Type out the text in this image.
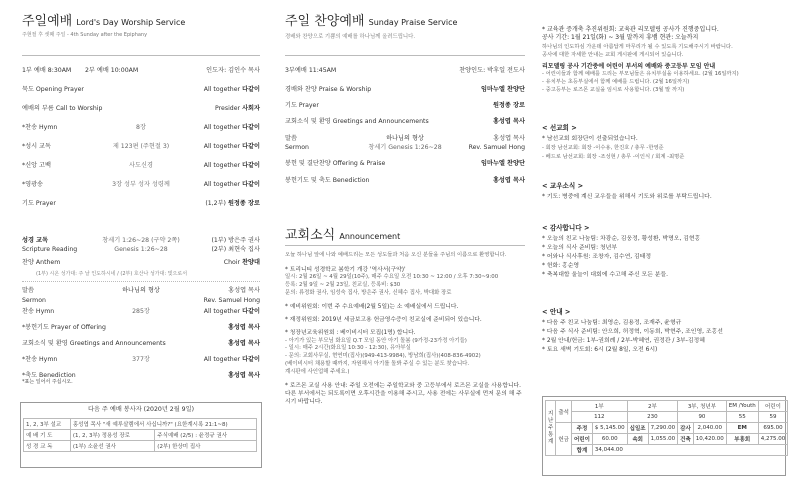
주일예배 Lord's Day Worship Service
주현절 후 셋째 주일 - 4th Sunday after the Epiphany
1부 예배 8:30AM 2부 예배 10:00AM	인도자: 김인수 목사
성경 교독	창세기 1:26~28 (구약 2쪽)	(1부) 방은주 권사
Scripture Reading	Genesis 1:26~28	(2부) 최현숙 집사
찬양 Anthem	Choir 찬양대
(1부) 시온 성가대: 주 날 인도하시네 / (2부) 호산나 성가대: 빛으로서
말씀	하나님의 형상	홍성엽 목사
Sermon	Rev. Samuel Hong
*표는 일어서 주십시오.
다음 주 예배 봉사자 (2020년 2월 9일)
1, 2, 3부 설교	홍성엽 목사 "새 예루살렘에서 사십니까?" (요한계시록 21:1~8)	
예 배 기 도	(1, 2, 3부) 정용성 장로	주식예배 (2/5) : 윤정규 권사
성 경 교 독	(1부) 소윤선 권사	(2부) 한상미 집사
묵도 Opening Prayer	All together 다같이
예배의 부름 Call to Worship	Presider 사회자
*찬송 Hymn	8장	All together 다같이
*성시 교독	제 123편 (주현절 3)	All together 다같이
*신앙 고백	사도신경	All together 다같이
*영광송	3장 성부 성자 성령께	All together 다같이
기도 Prayer	(1,2부) 원정종 장로
찬송 Hymn	285장	All together 다같이
*봉헌기도 Prayer of Offering	홍성엽 목사
교회소식 및 환영 Greetings and Announcements	홍성엽 목사
*찬송 Hymn	377장	All together 다같이
*축도 Benediction	홍성엽 목사
주일 찬양예배 Sunday Praise Service
경배와 찬양으로 기쁨의 예배를 하나님께 올려드립니다.
3부예배 11:45AM	찬양인도: 박후일 전도사
말씀	하나님의 형상	홍성엽 목사
Sermon	창세기 Genesis 1:26~28	Rev. Samuel Hong
교회소식 Announcement
오늘 하나님 앞에 나와 예배드리는 모든 성도들과 처음 오신 분들을 주님의 이름으로 환영합니다.
* 트리니티 성경학교 봄학기 개강 '역사서(구약)'
일시: 2월 26일 ~ 4월 29일(10주), 매주 수요일 오전 10:30 ~ 12:00 / 오후 7:30~9:00
등록: 2월 9일 ~ 2월 23일, 친교실, 등록비: $30
문의: 류정화 권사, 임성숙 집사, 방은주 권사, 신혜수 집사, 박대화 장로
* 예비위원회: 이번 주 수요예배(2월 5일)는 소 예배실에서 드립니다.
* 재정위원회: 2019년 세금보고용 헌금영수증이 친교실에 준비되어 있습니다.
* 청장년교육위원회 : 베이비시터 모집(1명) 합니다.
- 아기가 있는 부모님 화요일 Q.T 모임 동안 아기 돌봄 (9가정-23가정 아기들)
- 일시: 매주 2시간(화요일 10:30 - 12:30), 유아부실
- 문의: 교회사무실, 현연미(집사)(949-413-9984), 방남희(집사)(408-836-4902)
(베이비시터 채용할 때까지, 자원해서 아기를 돌봐 주실 수 있는 분도 찾습니다.
계시판에 사인업해 주세요.)
* 로즈몬 교실 사용 안내: 주일 오전에는 주일학교와 중 고등부에서 로즈몬 교실을 사용합니다. 다른 부서에서는 되도록이면 오후시간을 이용해 주시고, 사용 전에는 사무실에 먼저 문의 해 주시기 바랍니다.
경배와 찬양 Praise & Worship	임마누엘 찬양단
기도 Prayer	원정종 장로
교회소식 및 환영 Greetings and Announcements	홍성엽 목사
봉헌 및 결단찬양 Offering & Praise	임마누엘 찬양단
봉헌기도 및 축도 Benediction	홍성엽 목사
* 교육관 증개축 추진위원회: 교육관 리모델링 공사가 진행중입니다.
공사 기간: 1월 21일(화) ~ 3월 말까지 휴뱀 현관: 오늘까지
하나님의 인도하심 가운데 아름답게 마무리가 될 수 있도록 기도해주시기 바랍니다.
공사에 대한 자세한 안내는 교회 게시판에 게시되어 있습니다.
리모델링 공사 기간중에 어린이 부서의 예배와 중고등부 모임 안내
- 어린이들과 함께 예배를 드리는 부모님들은 유치부실을 이용하세요. (2월 16일까지)
- 유치부는 초등부실에서 함께 예배를 드립니다. (2월 16일까지)
- 중고등부는 로즈몬 교실을 임시로 사용합니다. (3월 말 까지)
< 선교회 >
* 남선교회 회장단이 선출되었습니다.
- 회장 남선교회: 회장 -이수용, 한진호 / 총무 -한영준
- 베드로 남선교회: 회장 -조성현 / 총무 -이인식 / 회계 -최명준
< 교우소식 >
* 기도: 병중에 계신 교우들을 위해서 기도와 위로를 부탁드립니다.
< 감사합니다 >
* 오늘의 친교 나눔팀: 차광순, 김웅정, 황성환, 박명오, 김현홍
* 오늘의 식사 준비팀: 청년부
* 어와나 식사후원: 조창자, 김수연, 김태정
* 헌화: 홍순영
* 축복대합 울늘이 대회에 수고해 주신 모든 분들.
< 안내 >
* 다음 주 친교 나눔팀: 최영순, 김용정, 조재주, 윤형규
* 다음 주 식사 준비팀: 안으희, 허정혁, 이동희, 박현주, 조인영, 조홍선
* 2월 안내/헌금: 1부-권희례 / 2부-박혜연, 권정관 / 3부-김정혜
* 토요 새벽 기도회: 6시 (2월 8일, 오전 6시)
지난 주 통계	출석	1부		2부		3부, 청년부		EM /Youth	어린이
		112		230		90		55	59
	헌금	주정	$ 5,145.00	십일조	7,290.00	감사	2,040.00	EM	695.00
		어린이	60.00	속회	1,055.00	건축	10,420.00	부흥회	4,275.00
		합계	34,044.00						
